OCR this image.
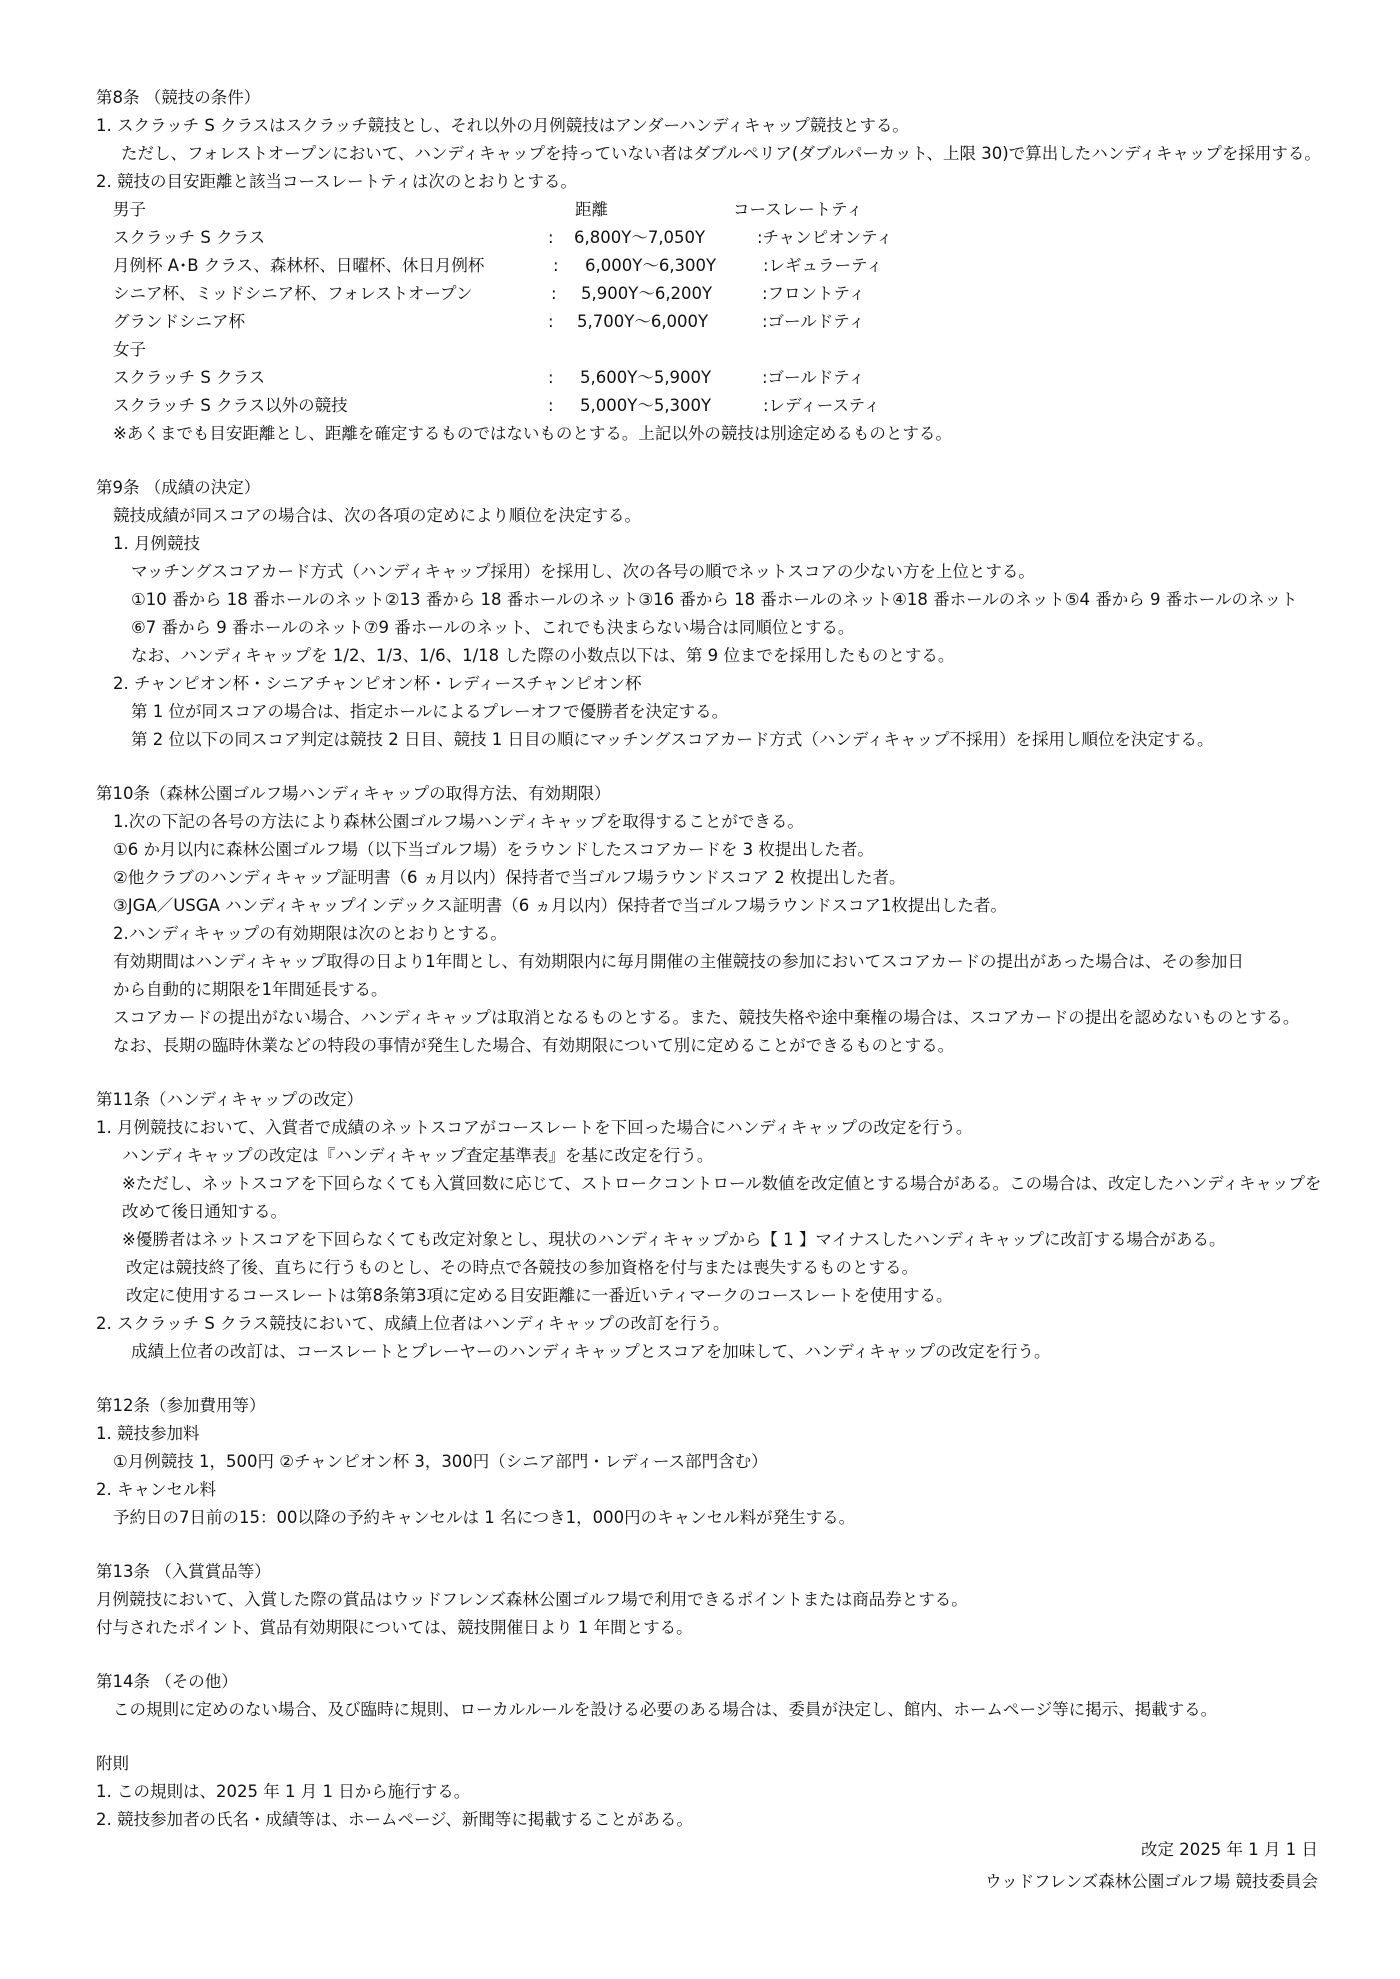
第8条 （競技の条件）
1. スクラッチ S クラスはスクラッチ競技とし、それ以外の月例競技はアンダーハンディキャップ競技とする。
ただし、フォレストオープンにおいて、ハンディキャップを持っていない者はダブルペリア(ダブルパーカット、上限 30)で算出したハンディキャップを採用する。
2. 競技の目安距離と該当コースレートティは次のとおりとする。
男子	距離	コースレートティ
スクラッチ S クラス	: 6,800Y～7,050Y	:チャンピオンティ
月例杯 A･B クラス、森林杯、日曜杯、休日月例杯	: 6,000Y～6,300Y	:レギュラーティ
シニア杯、ミッドシニア杯、フォレストオープン	: 5,900Y～6,200Y	:フロントティ
グランドシニア杯	: 5,700Y～6,000Y	:ゴールドティ
女子
スクラッチ S クラス	: 5,600Y～5,900Y	:ゴールドティ
スクラッチ S クラス以外の競技	: 5,000Y～5,300Y	:レディースティ
※あくまでも目安距離とし、距離を確定するものではないものとする。上記以外の競技は別途定めるものとする。
第9条 （成績の決定）
競技成績が同スコアの場合は、次の各項の定めにより順位を決定する。
1. 月例競技
マッチングスコアカード方式（ハンディキャップ採用）を採用し、次の各号の順でネットスコアの少ない方を上位とする。
①10 番から 18 番ホールのネット②13 番から 18 番ホールのネット③16 番から 18 番ホールのネット④18 番ホールのネット⑤4 番から 9 番ホールのネット
⑥7 番から 9 番ホールのネット⑦9 番ホールのネット、これでも決まらない場合は同順位とする。
なお、ハンディキャップを 1/2、1/3、1/6、1/18 した際の小数点以下は、第 9 位までを採用したものとする。
2. チャンピオン杯・シニアチャンピオン杯・レディースチャンピオン杯
第 1 位が同スコアの場合は、指定ホールによるプレーオフで優勝者を決定する。
第 2 位以下の同スコア判定は競技 2 日目、競技 1 日目の順にマッチングスコアカード方式（ハンディキャップ不採用）を採用し順位を決定する。
第10条（森林公園ゴルフ場ハンディキャップの取得方法、有効期限）
1.次の下記の各号の方法により森林公園ゴルフ場ハンディキャップを取得することができる。
①6 か月以内に森林公園ゴルフ場（以下当ゴルフ場）をラウンドしたスコアカードを 3 枚提出した者。
②他クラブのハンディキャップ証明書（6 ヵ月以内）保持者で当ゴルフ場ラウンドスコア 2 枚提出した者。
③JGA／USGA ハンディキャップインデックス証明書（6 ヵ月以内）保持者で当ゴルフ場ラウンドスコア1枚提出した者。
2.ハンディキャップの有効期限は次のとおりとする。
有効期間はハンディキャップ取得の日より1年間とし、有効期限内に毎月開催の主催競技の参加においてスコアカードの提出があった場合は、その参加日
から自動的に期限を1年間延長する。
スコアカードの提出がない場合、ハンディキャップは取消となるものとする。また、競技失格や途中棄権の場合は、スコアカードの提出を認めないものとする。
なお、長期の臨時休業などの特段の事情が発生した場合、有効期限について別に定めることができるものとする。
第11条（ハンディキャップの改定）
1. 月例競技において、入賞者で成績のネットスコアがコースレートを下回った場合にハンディキャップの改定を行う。
ハンディキャップの改定は『ハンディキャップ査定基準表』を基に改定を行う。
※ただし、ネットスコアを下回らなくても入賞回数に応じて、ストロークコントロール数値を改定値とする場合がある。この場合は、改定したハンディキャップを
改めて後日通知する。
※優勝者はネットスコアを下回らなくても改定対象とし、現状のハンディキャップから【 1 】マイナスしたハンディキャップに改訂する場合がある。
改定は競技終了後、直ちに行うものとし、その時点で各競技の参加資格を付与または喪失するものとする。
改定に使用するコースレートは第8条第3項に定める目安距離に一番近いティマークのコースレートを使用する。
2. スクラッチ S クラス競技において、成績上位者はハンディキャップの改訂を行う。
成績上位者の改訂は、コースレートとプレーヤーのハンディキャップとスコアを加味して、ハンディキャップの改定を行う。
第12条（参加費用等）
1. 競技参加料
①月例競技 1，500円 ②チャンピオン杯 3，300円（シニア部門・レディース部門含む）
2. キャンセル料
予約日の7日前の15：00以降の予約キャンセルは 1 名につき1，000円のキャンセル料が発生する。
第13条 （入賞賞品等）
月例競技において、入賞した際の賞品はウッドフレンズ森林公園ゴルフ場で利用できるポイントまたは商品券とする。
付与されたポイント、賞品有効期限については、競技開催日より 1 年間とする。
第14条 （その他）
この規則に定めのない場合、及び臨時に規則、ローカルルールを設ける必要のある場合は、委員が決定し、館内、ホームページ等に掲示、掲載する。
附則
1. この規則は、2025 年 1 月 1 日から施行する。
2. 競技参加者の氏名・成績等は、ホームページ、新聞等に掲載することがある。
改定 2025 年 1 月 1 日
ウッドフレンズ森林公園ゴルフ場 競技委員会
